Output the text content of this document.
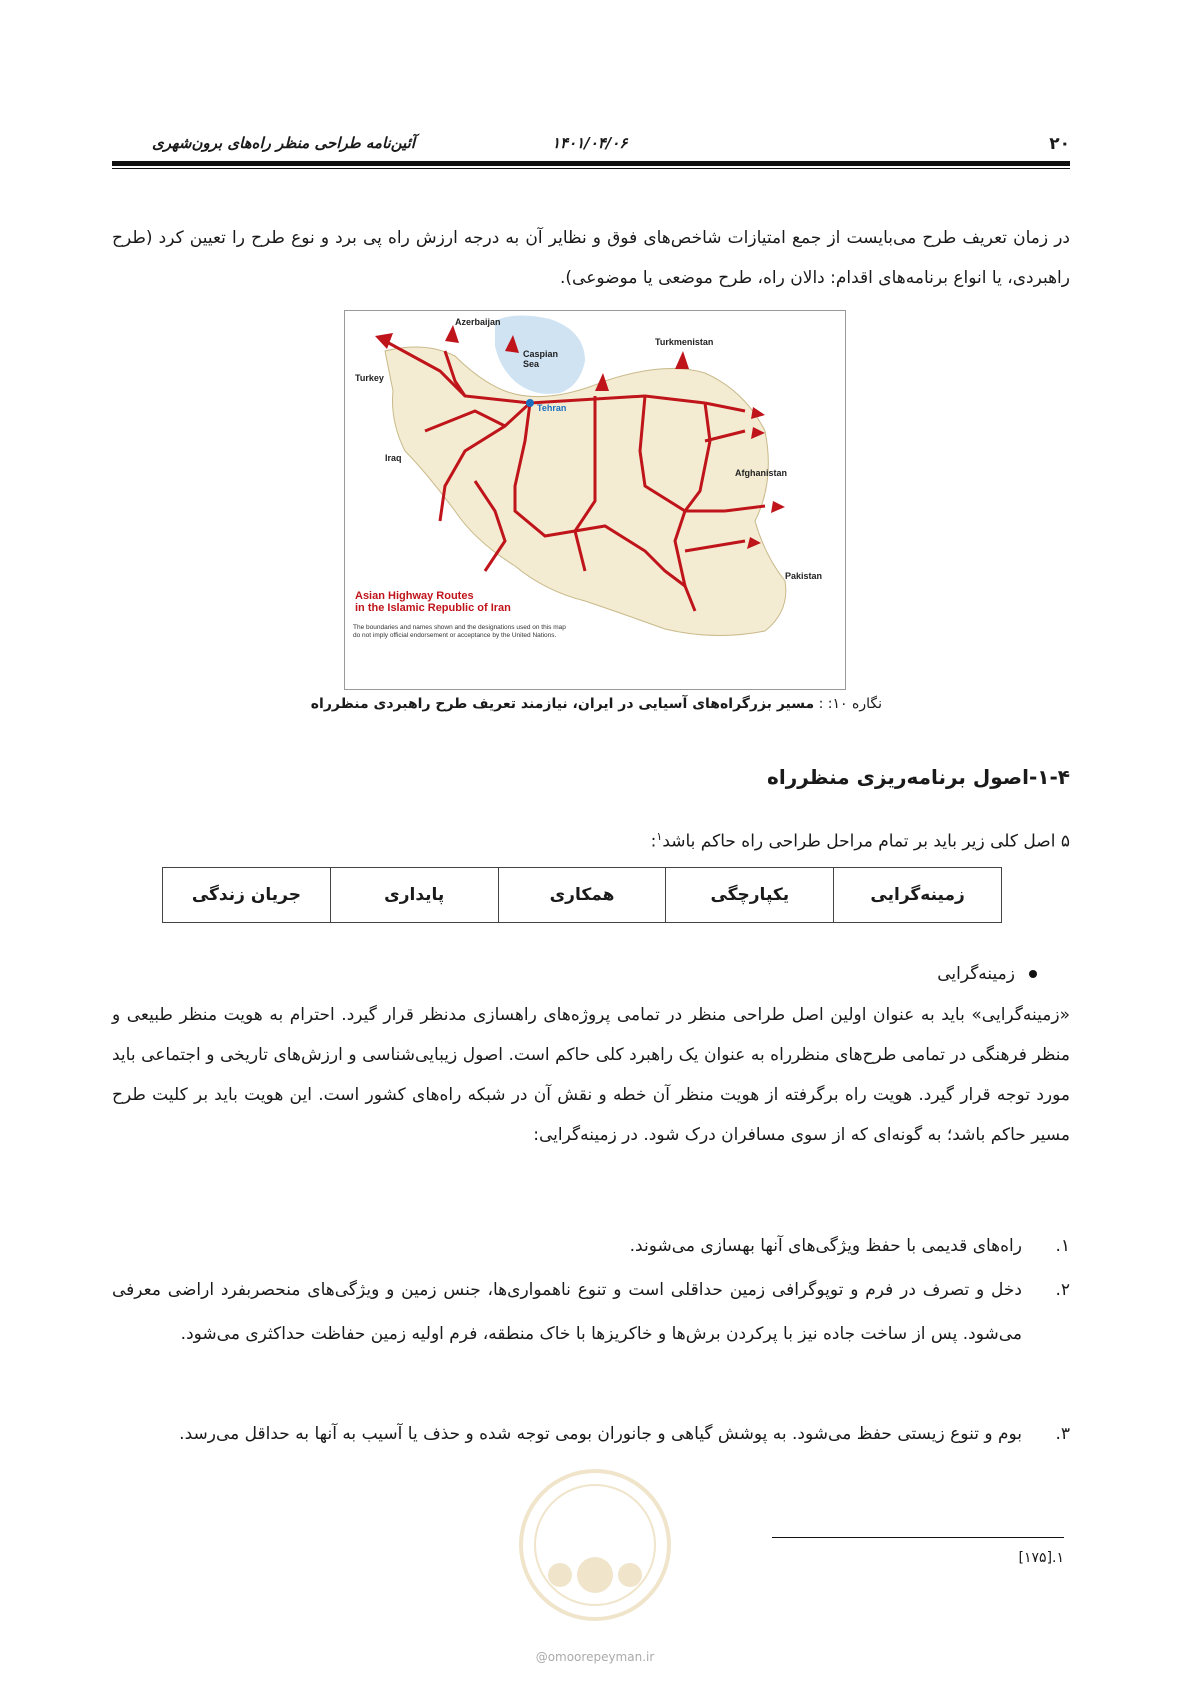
۲۰
۱۴۰۱/۰۴/۰۶
آئین‌نامه طراحی منظر راه‌های برون‌شهری
در زمان تعریف طرح می‌بایست از جمع امتیازات شاخص‌های فوق و نظایر آن به درجه ارزش راه پی برد و نوع طرح را تعیین کرد (طرح راهبردی، یا انواع برنامه‌های اقدام: دالان راه، طرح موضعی یا موضوعی).
Azerbaijan
Turkmenistan
Turkey
Iraq
Afghanistan
Pakistan
Caspian
Sea
Tehran
Asian Highway Routes
in the Islamic Republic of Iran
The boundaries and names shown and the designations used on this map
do not imply official endorsement or acceptance by the United Nations.
نگاره ۱۰: : مسیر بزرگراه‌های آسیایی در ایران، نیازمند تعریف طرح راهبردی منظرراه
۱-۴-اصول برنامه‌ریزی منظرراه
۵ اصل کلی زیر باید بر تمام مراحل طراحی راه حاکم باشد$^۱$:
زمینه‌گرایی	یکپارچگی	همکاری	پایداری	جریان زندگی
زمینه‌گرایی
«زمینه‌گرایی» باید به عنوان اولین اصل طراحی منظر در تمامی پروژه‌های راهسازی مدنظر قرار گیرد. احترام به هویت منظر طبیعی و منظر فرهنگی در تمامی طرح‌های منظرراه به عنوان یک راهبرد کلی حاکم است. اصول زیبایی‌شناسی و ارزش‌های تاریخی و اجتماعی باید مورد توجه قرار گیرد. هویت راه برگرفته از هویت منظر آن خطه و نقش آن در شبکه راه‌های کشور است. این هویت باید بر کلیت طرح مسیر حاکم باشد؛ به گونه‌ای که از سوی مسافران درک شود. در زمینه‌گرایی:
۱.
راه‌های قدیمی با حفظ ویژگی‌های آنها بهسازی می‌شوند.
۲.
دخل و تصرف در فرم و توپوگرافی زمین حداقلی است و تنوع ناهمواری‌ها، جنس زمین و ویژگی‌های منحصربفرد اراضی معرفی می‌شود. پس از ساخت جاده نیز با پرکردن برش‌ها و خاکریزها با خاک منطقه، فرم اولیه زمین حفاظت حداکثری می‌شود.
۳.
بوم و تنوع زیستی حفظ می‌شود. به پوشش گیاهی و جانوران بومی توجه شده و حذف یا آسیب به آنها به حداقل می‌رسد.
@omoorepeyman.ir
[۱۷۵].۱
